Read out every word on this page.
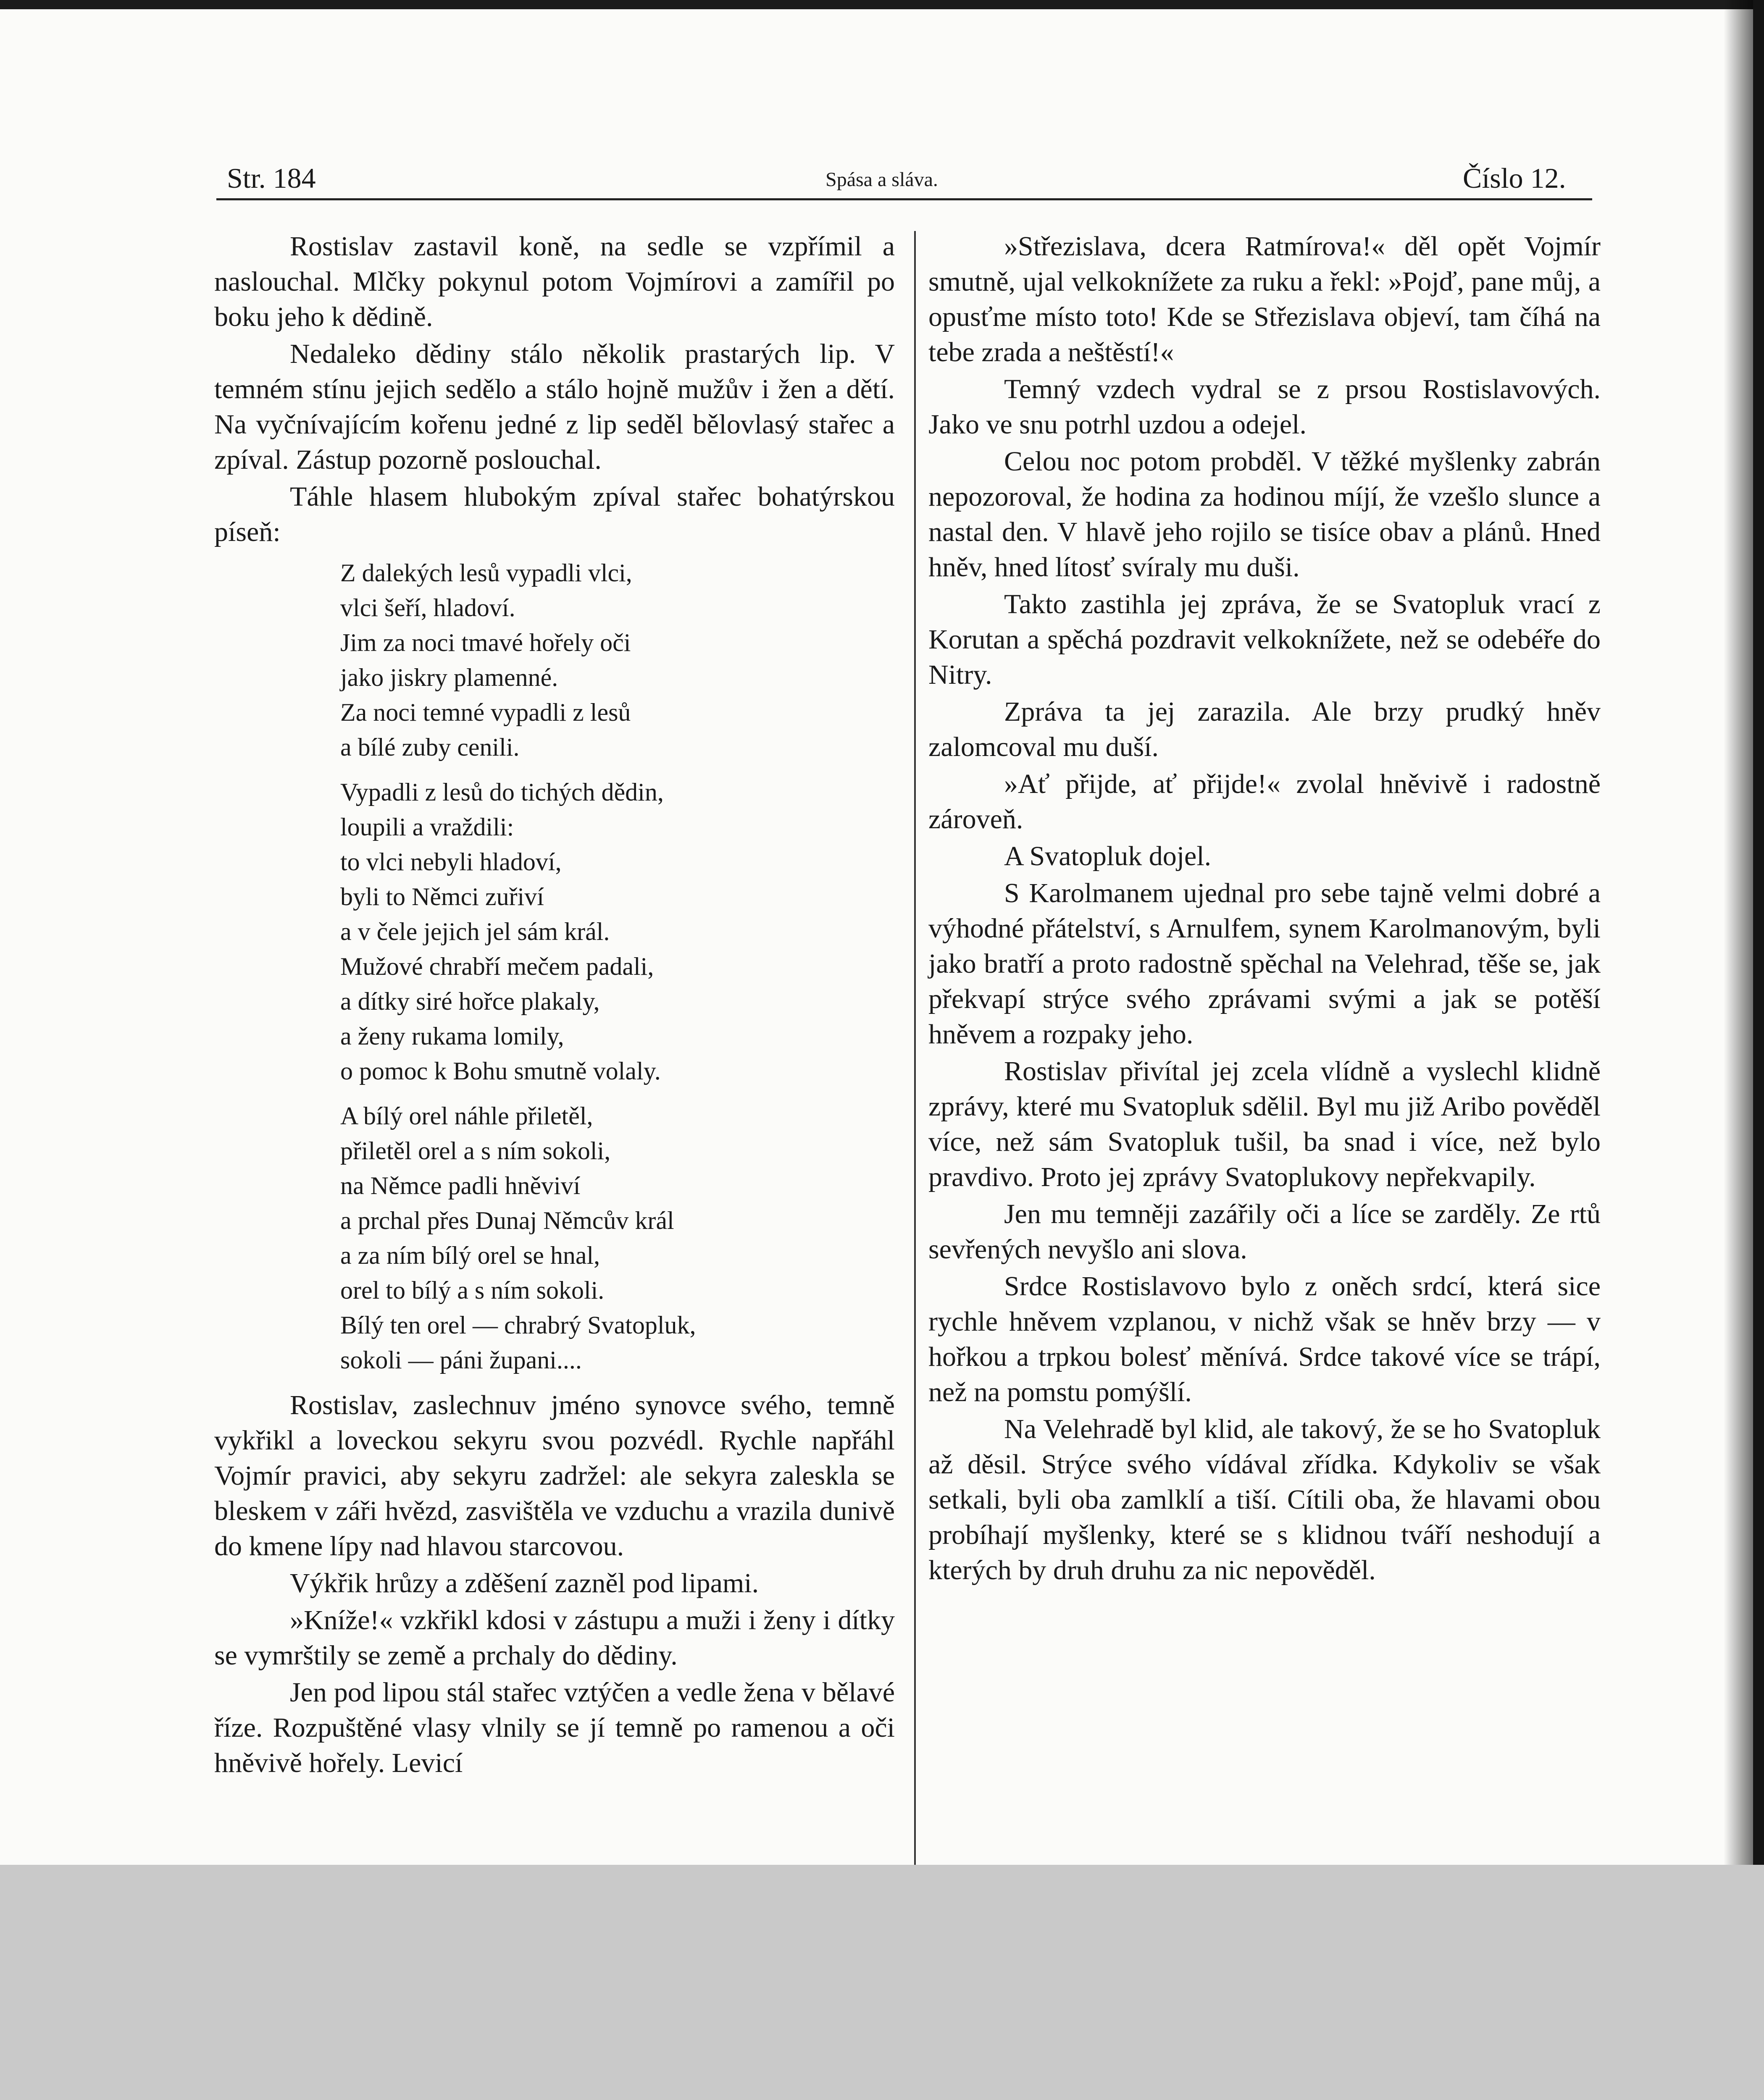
Str. 184	Spása a sláva.	Číslo 12.

Rostislav zastavil koně, na sedle se vzpřímil a naslouchal. Mlčky pokynul potom Vojmírovi a zamířil po boku jeho k dědině.

Nedaleko dědiny stálo několik prastarých lip. V temném stínu jejich sedělo a stálo hojně mužův i žen a dětí. Na vyčnívajícím kořenu jedné z lip seděl bělovlasý stařec a zpíval. Zástup pozorně poslouchal.

Táhle hlasem hlubokým zpíval stařec bohatýrskou píseň:

Z dalekých lesů vypadli vlci,
vlci šeří, hladoví.
Jim za noci tmavé hořely oči
jako jiskry plamenné.
Za noci temné vypadli z lesů
a bílé zuby cenili.
Vypadli z lesů do tichých dědin,
loupili a vraždili:
to vlci nebyli hladoví,
byli to Němci zuřiví
a v čele jejich jel sám král.
Mužové chrabří mečem padali,
a dítky siré hořce plakaly,
a ženy rukama lomily,
o pomoc k Bohu smutně volaly.
A bílý orel náhle přiletěl,
přiletěl orel a s ním sokoli,
na Němce padli hněviví
a prchal přes Dunaj Němcův král
a za ním bílý orel se hnal,
orel to bílý a s ním sokoli.
Bílý ten orel — chrabrý Svatopluk,
sokoli — páni župani....

Rostislav, zaslechnuv jméno synovce svého, temně vykřikl a loveckou sekyru svou pozvédl. Rychle napřáhl Vojmír pravici, aby sekyru zadržel: ale sekyra zaleskla se bleskem v záři hvězd, zasvištěla ve vzduchu a vrazila dunivě do kmene lípy nad hlavou starcovou.

Výkřik hrůzy a zděšení zazněl pod lipami.

»Kníže!« vzkřikl kdosi v zástupu a muži i ženy i dítky se vymrštily se země a prchaly do dědiny.

Jen pod lipou stál stařec vztýčen a vedle žena v bělavé říze. Rozpuštěné vlasy vlnily se jí temně po ramenou a oči hněvivě hořely. Levicí

»Střezislava, dcera Ratmírova!« děl opět Vojmír smutně, ujal velkoknížete za ruku a řekl: »Pojď, pane můj, a opusťme místo toto! Kde se Střezislava objeví, tam číhá na tebe zrada a neštěstí!«

Temný vzdech vydral se z prsou Rostislavových. Jako ve snu potrhl uzdou a odejel.

Celou noc potom probděl. V těžké myšlenky zabrán nepozoroval, že hodina za hodinou míjí, že vzešlo slunce a nastal den. V hlavě jeho rojilo se tisíce obav a plánů. Hned hněv, hned lítosť svíraly mu duši.

Takto zastihla jej zpráva, že se Svatopluk vrací z Korutan a spěchá pozdravit velkoknížete, než se odebéře do Nitry.

Zpráva ta jej zarazila. Ale brzy prudký hněv zalomcoval mu duší.

»Ať přijde, ať přijde!« zvolal hněvivě i radostně zároveň.

A Svatopluk dojel.

S Karolmanem ujednal pro sebe tajně velmi dobré a výhodné přátelství, s Arnulfem, synem Karolmanovým, byli jako bratří a proto radostně spěchal na Velehrad, těše se, jak překvapí strýce svého zprávami svými a jak se potěší hněvem a rozpaky jeho.

Rostislav přivítal jej zcela vlídně a vyslechl klidně zprávy, které mu Svatopluk sdělil. Byl mu již Aribo pověděl více, než sám Svatopluk tušil, ba snad i více, než bylo pravdivo. Proto jej zprávy Svatoplukovy nepřekvapily.

Jen mu temněji zazářily oči a líce se zarděly. Ze rtů sevřených nevyšlo ani slova.

Srdce Rostislavovo bylo z oněch srdcí, která sice rychle hněvem vzplanou, v nichž však se hněv brzy — v hořkou a trpkou bolesť měnívá. Srdce takové více se trápí, než na pomstu pomýšlí.

Na Velehradě byl klid, ale takový, že se ho Svatopluk až děsil. Strýce svého vídával zřídka. Kdykoliv se však setkali, byli oba zamlklí a tiší. Cítili oba, že hlavami obou probíhají myšlenky, které se s klidnou tváří neshodují a kterých by druh druhu za nic nepověděl.
